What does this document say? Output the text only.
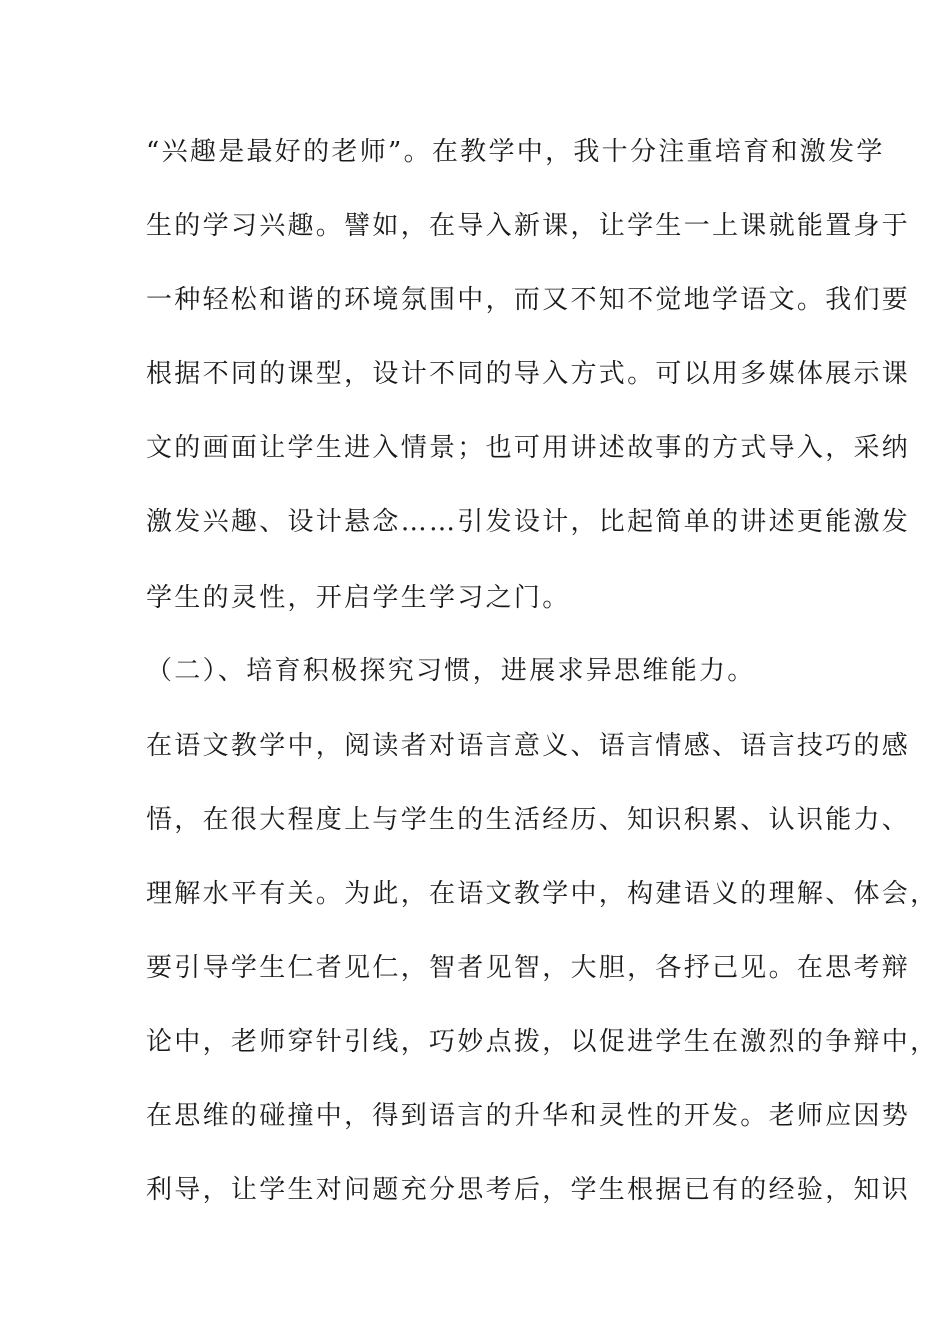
“兴趣是最好的老师”。在教学中，我十分注重培育和激发学
生的学习兴趣。譬如，在导入新课，让学生一上课就能置身于
一种轻松和谐的环境氛围中，而又不知不觉地学语文。我们要
根据不同的课型，设计不同的导入方式。可以用多媒体展示课
文的画面让学生进入情景；也可用讲述故事的方式导入，采纳
激发兴趣、设计悬念……引发设计，比起简单的讲述更能激发
学生的灵性，开启学生学习之门。
（二）、培育积极探究习惯，进展求异思维能力。
在语文教学中，阅读者对语言意义、语言情感、语言技巧的感
悟，在很大程度上与学生的生活经历、知识积累、认识能力、
理解水平有关。为此，在语文教学中，构建语义的理解、体会，
要引导学生仁者见仁，智者见智，大胆，各抒己见。在思考辩
论中，老师穿针引线，巧妙点拨，以促进学生在激烈的争辩中，
在思维的碰撞中，得到语言的升华和灵性的开发。老师应因势
利导，让学生对问题充分思考后，学生根据已有的经验，知识
